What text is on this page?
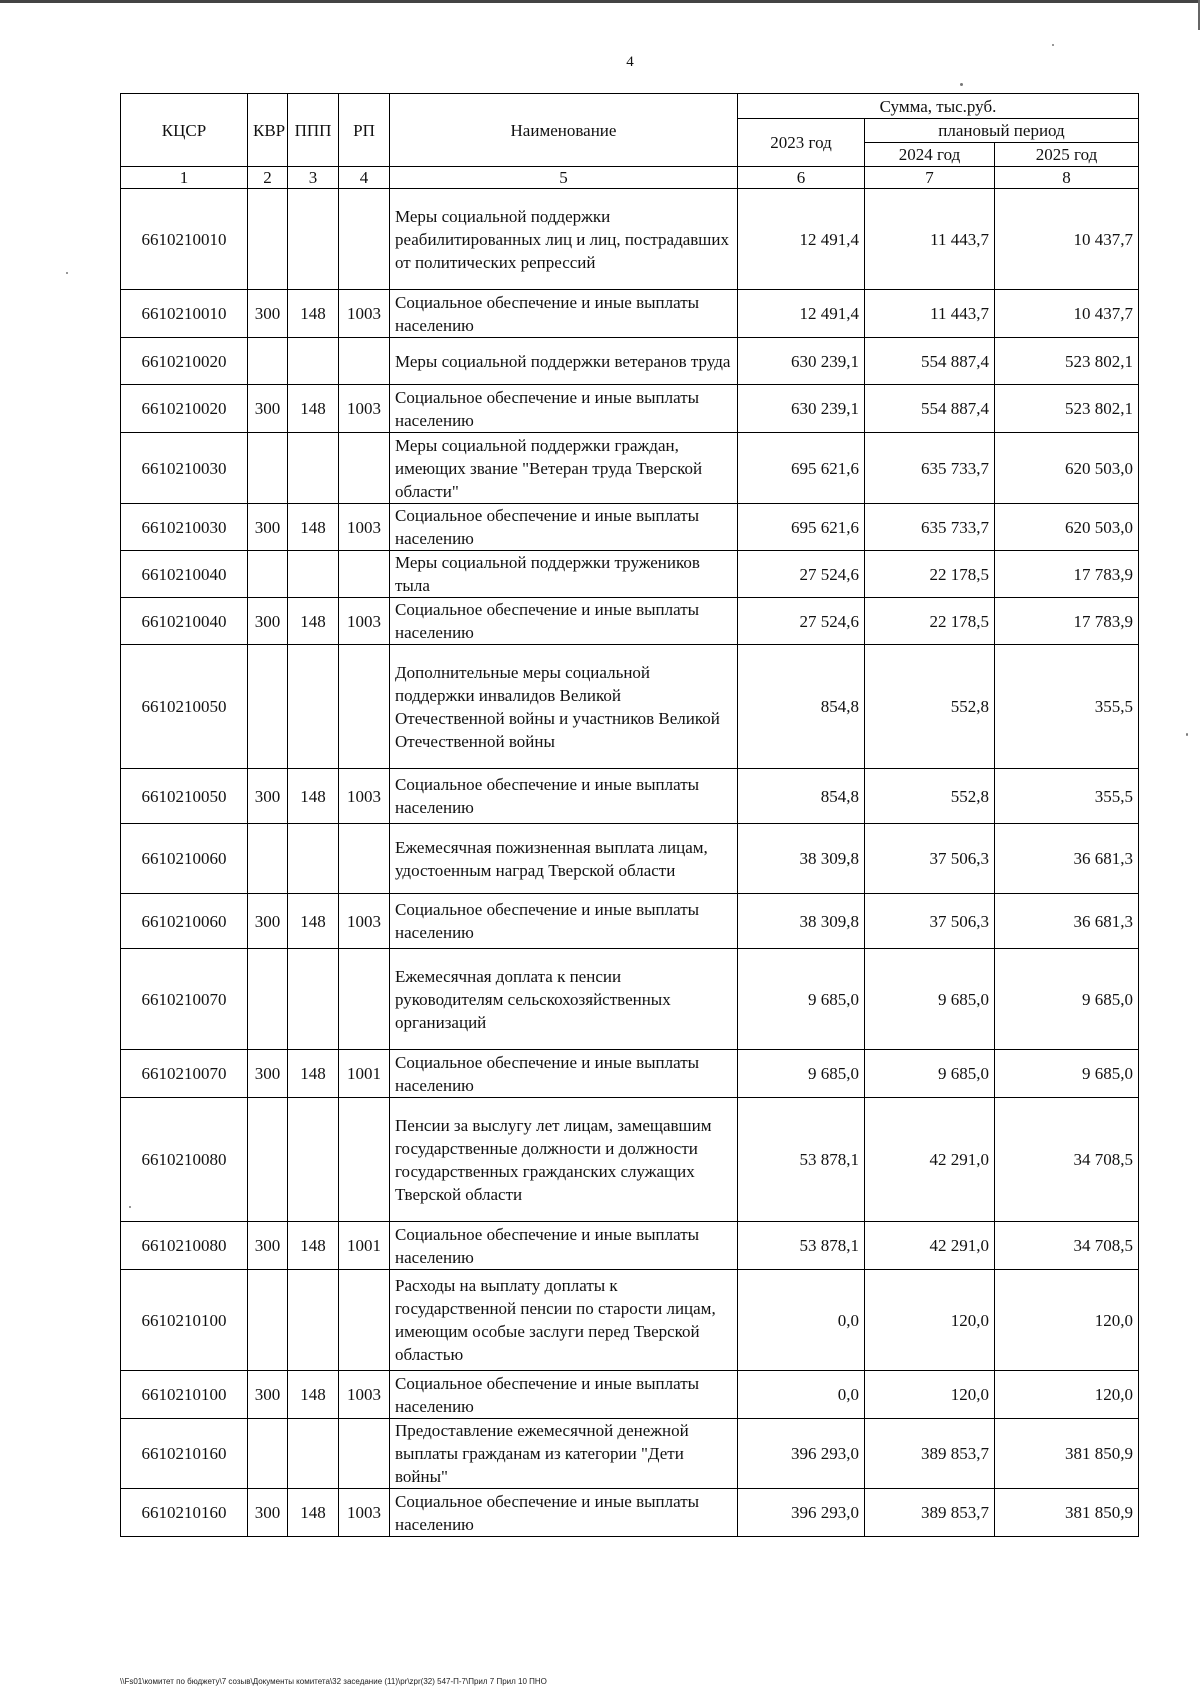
4
КЦСР	КВР	ППП	РП	Наименование	Сумма, тыс.руб.		
					2023 год	плановый период	
						2024 год	2025 год
1	2	3	4	5	6	7	8
6610210010				Меры социальной поддержки реабилитированных лиц и лиц, пострадавших от политических репрессий	12 491,4	11 443,7	10 437,7
6610210010	300	148	1003	Социальное обеспечение и иные выплаты населению	12 491,4	11 443,7	10 437,7
6610210020				Меры социальной поддержки ветеранов труда	630 239,1	554 887,4	523 802,1
6610210020	300	148	1003	Социальное обеспечение и иные выплаты населению	630 239,1	554 887,4	523 802,1
6610210030				Меры социальной поддержки граждан, имеющих звание "Ветеран труда Тверской области"	695 621,6	635 733,7	620 503,0
6610210030	300	148	1003	Социальное обеспечение и иные выплаты населению	695 621,6	635 733,7	620 503,0
6610210040				Меры социальной поддержки тружеников тыла	27 524,6	22 178,5	17 783,9
6610210040	300	148	1003	Социальное обеспечение и иные выплаты населению	27 524,6	22 178,5	17 783,9
6610210050				Дополнительные меры социальной поддержки инвалидов Великой Отечественной войны и участников Великой Отечественной войны	854,8	552,8	355,5
6610210050	300	148	1003	Социальное обеспечение и иные выплаты населению	854,8	552,8	355,5
6610210060				Ежемесячная пожизненная выплата лицам, удостоенным наград Тверской области	38 309,8	37 506,3	36 681,3
6610210060	300	148	1003	Социальное обеспечение и иные выплаты населению	38 309,8	37 506,3	36 681,3
6610210070				Ежемесячная доплата к пенсии руководителям сельскохозяйственных организаций	9 685,0	9 685,0	9 685,0
6610210070	300	148	1001	Социальное обеспечение и иные выплаты населению	9 685,0	9 685,0	9 685,0
6610210080				Пенсии за выслугу лет лицам, замещавшим государственные должности и должности государственных гражданских служащих Тверской области	53 878,1	42 291,0	34 708,5
6610210080	300	148	1001	Социальное обеспечение и иные выплаты населению	53 878,1	42 291,0	34 708,5
6610210100				Расходы на выплату доплаты к государственной пенсии по старости лицам, имеющим особые заслуги перед Тверской областью	0,0	120,0	120,0
6610210100	300	148	1003	Социальное обеспечение и иные выплаты населению	0,0	120,0	120,0
6610210160				Предоставление ежемесячной денежной выплаты гражданам из категории "Дети войны"	396 293,0	389 853,7	381 850,9
6610210160	300	148	1003	Социальное обеспечение и иные выплаты населению	396 293,0	389 853,7	381 850,9
\\Fs01\комитет по бюджету\7 созыв\Документы комитета\32 заседание (11)\pr\zpr(32) 547-П-7\Прил 7 Прил 10 ПНО
